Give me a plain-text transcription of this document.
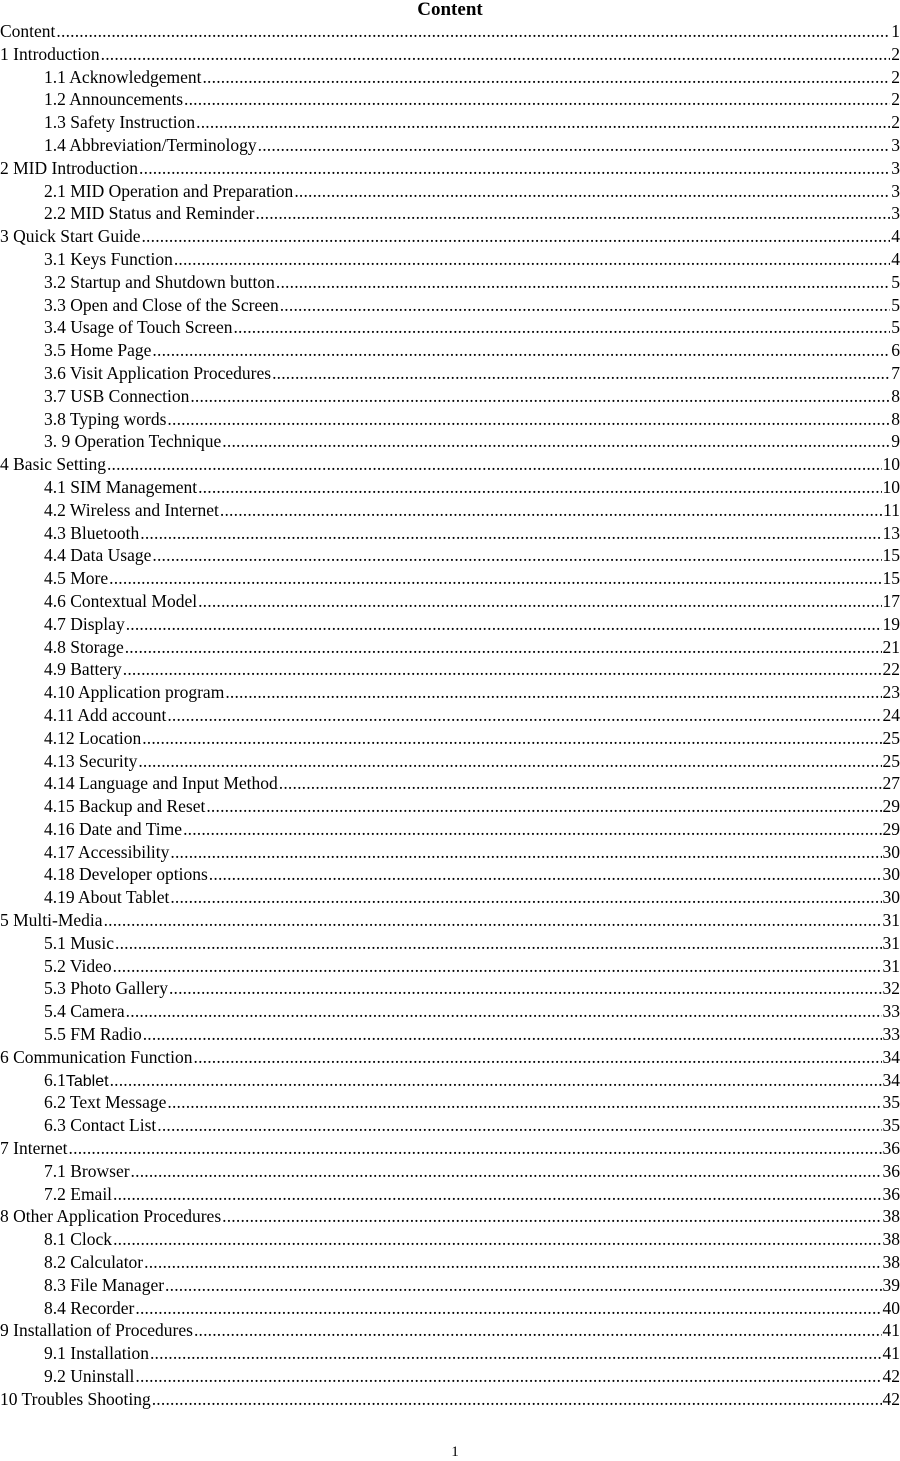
Content
Content .....	1
1 Introduction .....	2
1.1 Acknowledgement .....	2
1.2 Announcements .....	2
1.3 Safety Instruction .....	2
1.4 Abbreviation/Terminology .....	3
2 MID Introduction .....	3
2.1 MID Operation and Preparation .....	3
2.2 MID Status and Reminder .....	3
3 Quick Start Guide .....	4
3.1 Keys Function .....	4
3.2 Startup and Shutdown button .....	5
3.3 Open and Close of the Screen .....	5
3.4 Usage of Touch Screen .....	5
3.5 Home Page .....	6
3.6 Visit Application Procedures .....	7
3.7 USB Connection .....	8
3.8 Typing words .....	8
3. 9 Operation Technique .....	9
4 Basic Setting .....	10
4.1 SIM Management .....	10
4.2 Wireless and Internet .....	11
4.3 Bluetooth .....	13
4.4 Data Usage .....	15
4.5 More .....	15
4.6 Contextual Model .....	17
4.7 Display .....	19
4.8 Storage .....	21
4.9 Battery .....	22
4.10 Application program .....	23
4.11 Add account .....	24
4.12 Location .....	25
4.13 Security .....	25
4.14 Language and Input Method .....	27
4.15 Backup and Reset .....	29
4.16 Date and Time .....	29
4.17 Accessibility .....	30
4.18 Developer options .....	30
4.19 About Tablet .....	30
5 Multi-Media .....	31
5.1 Music .....	31
5.2 Video .....	31
5.3 Photo Gallery .....	32
5.4 Camera .....	33
5.5 FM Radio .....	33
6 Communication Function .....	34
6.1Tablet .....	34
6.2 Text Message .....	35
6.3 Contact List .....	35
7 Internet .....	36
7.1 Browser .....	36
7.2 Email .....	36
8 Other Application Procedures .....	38
8.1 Clock .....	38
8.2 Calculator .....	38
8.3 File Manager .....	39
8.4 Recorder .....	40
9 Installation of Procedures .....	41
9.1 Installation .....	41
9.2 Uninstall .....	42
10 Troubles Shooting .....	42
1
